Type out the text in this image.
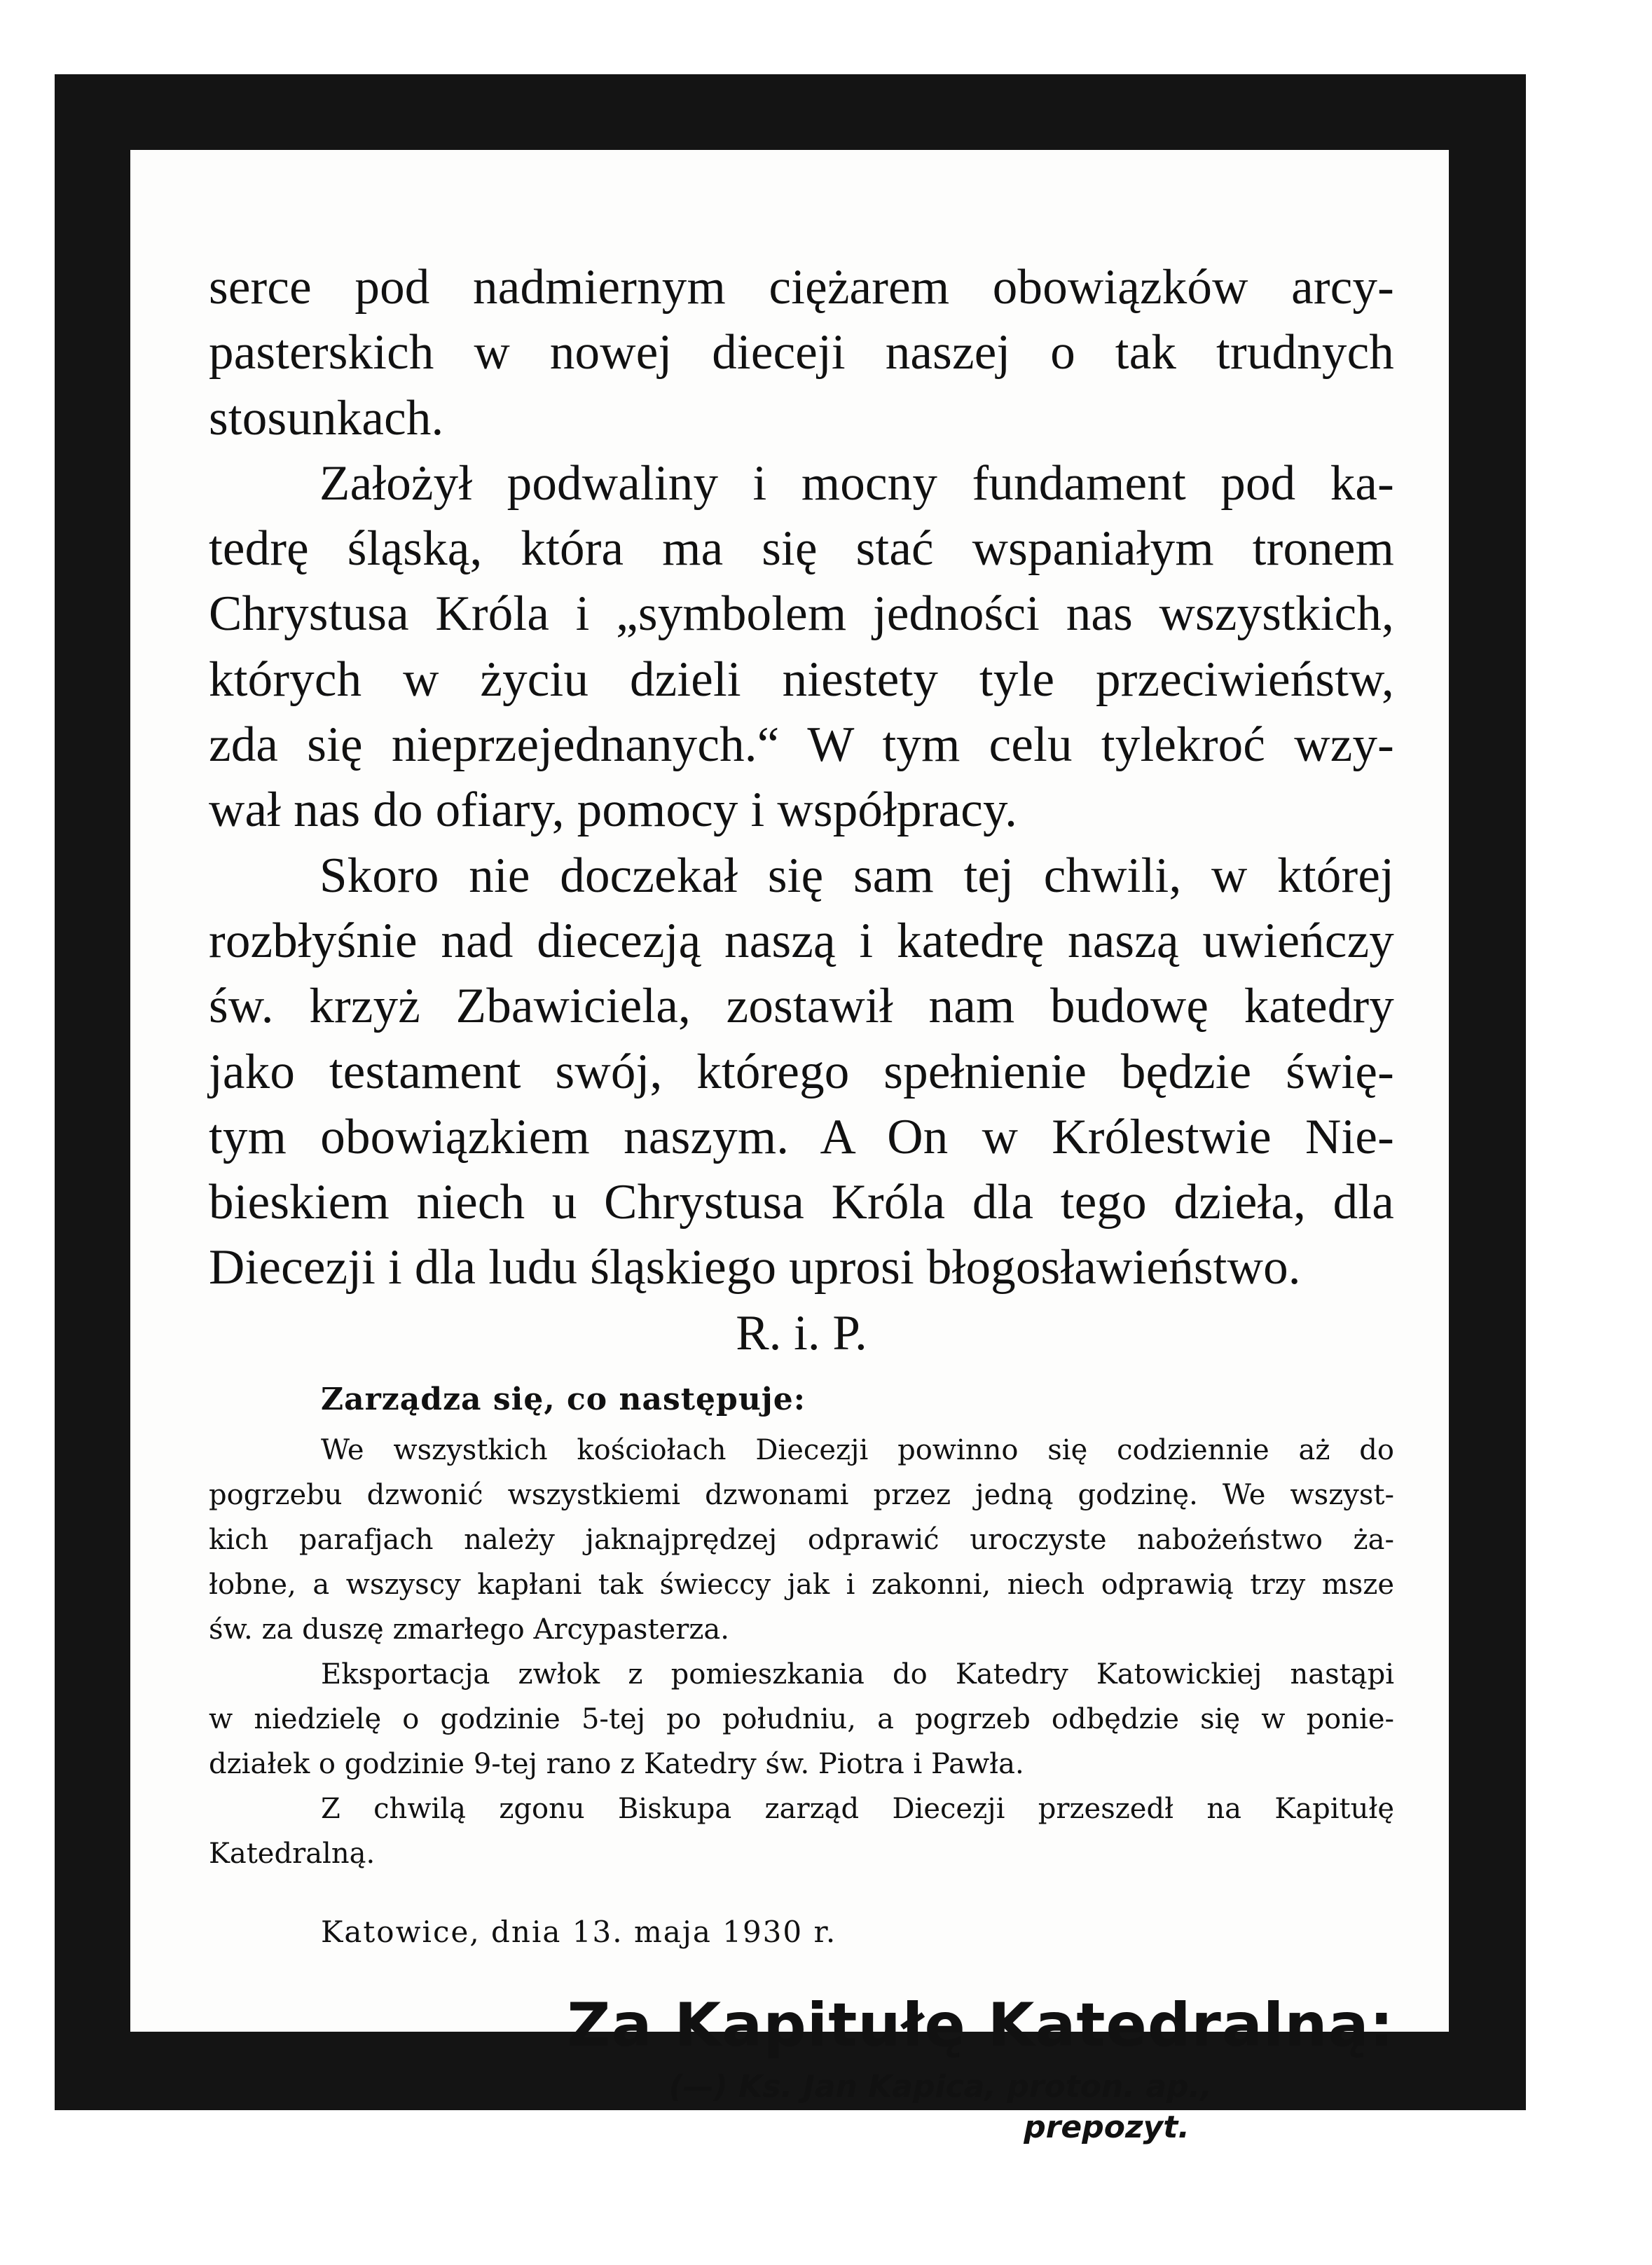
serce pod nadmiernym ciężarem obowiązków arcy-
pasterskich w nowej dieceji naszej o tak trudnych
stosunkach.
Założył podwaliny i mocny fundament pod ka-
tedrę śląską, która ma się stać wspaniałym tronem
Chrystusa Króla i „symbolem jedności nas wszystkich,
których w życiu dzieli niestety tyle przeciwieństw,
zda się nieprzejednanych.“ W tym celu tylekroć wzy-
wał nas do ofiary, pomocy i współpracy.
Skoro nie doczekał się sam tej chwili, w której
rozbłyśnie nad diecezją naszą i katedrę naszą uwieńczy
św. krzyż Zbawiciela, zostawił nam budowę katedry
jako testament swój, którego spełnienie będzie świę-
tym obowiązkiem naszym. A On w Królestwie Nie-
bieskiem niech u Chrystusa Króla dla tego dzieła, dla
Diecezji i dla ludu śląskiego uprosi błogosławieństwo.

R. i. P.

Zarządza się, co następuje:

We wszystkich kościołach Diecezji powinno się codziennie aż do
pogrzebu dzwonić wszystkiemi dzwonami przez jedną godzinę. We wszyst-
kich parafjach należy jaknajprędzej odprawić uroczyste nabożeństwo ża-
łobne, a wszyscy kapłani tak świeccy jak i zakonni, niech odprawią trzy msze
św. za duszę zmarłego Arcypasterza.
Eksportacja zwłok z pomieszkania do Katedry Katowickiej nastąpi
w niedzielę o godzinie 5-tej po południu, a pogrzeb odbędzie się w ponie-
działek o godzinie 9-tej rano z Katedry św. Piotra i Pawła.
Z chwilą zgonu Biskupa zarząd Diecezji przeszedł na Kapitułę
Katedralną.

Katowice, dnia 13. maja 1930 r.

Za Kapitułę Katedralną:

(—) Ks. Jan Kapica, proton. ap.,

prepozyt.
